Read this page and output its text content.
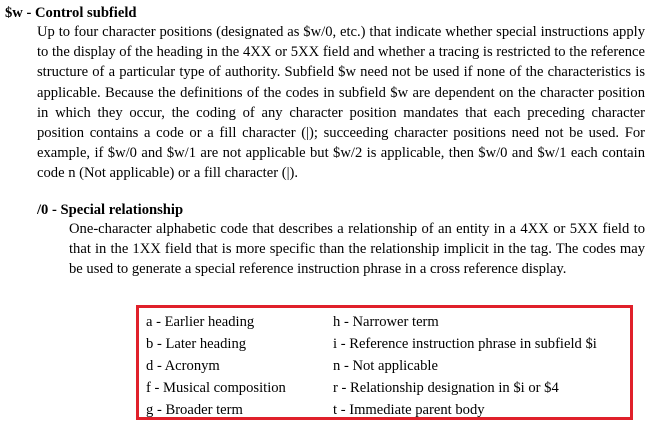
$w - Control subfield
Up to four character positions (designated as $w/0, etc.) that indicate whether special instructions apply to the display of the heading in the 4XX or 5XX field and whether a tracing is restricted to the reference structure of a particular type of authority. Subfield $w need not be used if none of the characteristics is applicable. Because the definitions of the codes in subfield $w are dependent on the character position in which they occur, the coding of any character position mandates that each preceding character position contains a code or a fill character (|); succeeding character positions need not be used. For example, if $w/0 and $w/1 are not applicable but $w/2 is applicable, then $w/0 and $w/1 each contain code n (Not applicable) or a fill character (|).
/0 - Special relationship
One-character alphabetic code that describes a relationship of an entity in a 4XX or 5XX field to that in the 1XX field that is more specific than the relationship implicit in the tag. The codes may be used to generate a special reference instruction phrase in a cross reference display.
a - Earlier heading
b - Later heading
d - Acronym
f - Musical composition
g - Broader term
h - Narrower term
i - Reference instruction phrase in subfield $i
n - Not applicable
r - Relationship designation in $i or $4
t - Immediate parent body
